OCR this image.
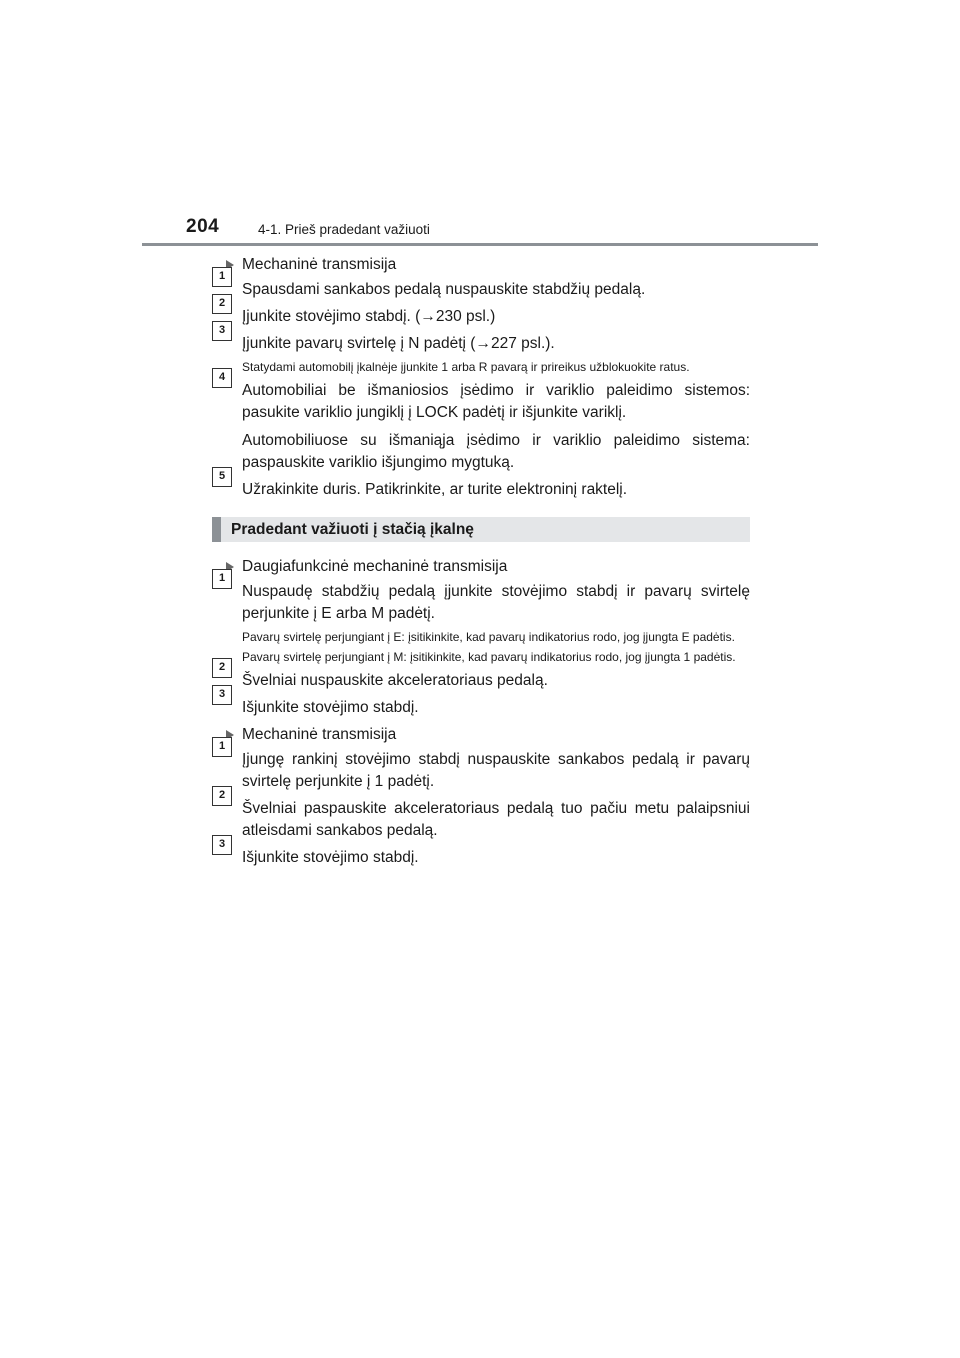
204	4-1. Prieš pradedant važiuoti
Mechaninė transmisija
1

Spausdami sankabos pedalą nuspauskite stabdžių pedalą.

2

Įjunkite stovėjimo stabdį. (→230 psl.)

3

Įjunkite pavarų svirtelę į N padėtį (→227 psl.).

Statydami automobilį įkalnėje įjunkite 1 arba R pavarą ir prireikus užblokuokite ratus.
4

Automobiliai be išmaniosios įsėdimo ir variklio paleidimo sistemos: pasukite variklio jungiklį į LOCK padėtį ir išjunkite variklį.

Automobiliuose su išmaniąja įsėdimo ir variklio paleidimo sistema: paspauskite variklio išjungimo mygtuką.

5

Užrakinkite duris. Patikrinkite, ar turite elektroninį raktelį.

Pradedant važiuoti į stačią įkalnę
Daugiafunkcinė mechaninė transmisija
1

Nuspaudę stabdžių pedalą įjunkite stovėjimo stabdį ir pavarų svirtelę perjunkite į E arba M padėtį.

Pavarų svirtelę perjungiant į E: įsitikinkite, kad pavarų indikatorius rodo, jog įjungta E padėtis.
Pavarų svirtelę perjungiant į M: įsitikinkite, kad pavarų indikatorius rodo, jog įjungta 1 padėtis.
2

Švelniai nuspauskite akceleratoriaus pedalą.

3

Išjunkite stovėjimo stabdį.

Mechaninė transmisija
1

Įjungę rankinį stovėjimo stabdį nuspauskite sankabos pedalą ir pavarų svirtelę perjunkite į 1 padėtį.

2

Švelniai paspauskite akceleratoriaus pedalą tuo pačiu metu palaipsniui atleisdami sankabos pedalą.

3

Išjunkite stovėjimo stabdį.
